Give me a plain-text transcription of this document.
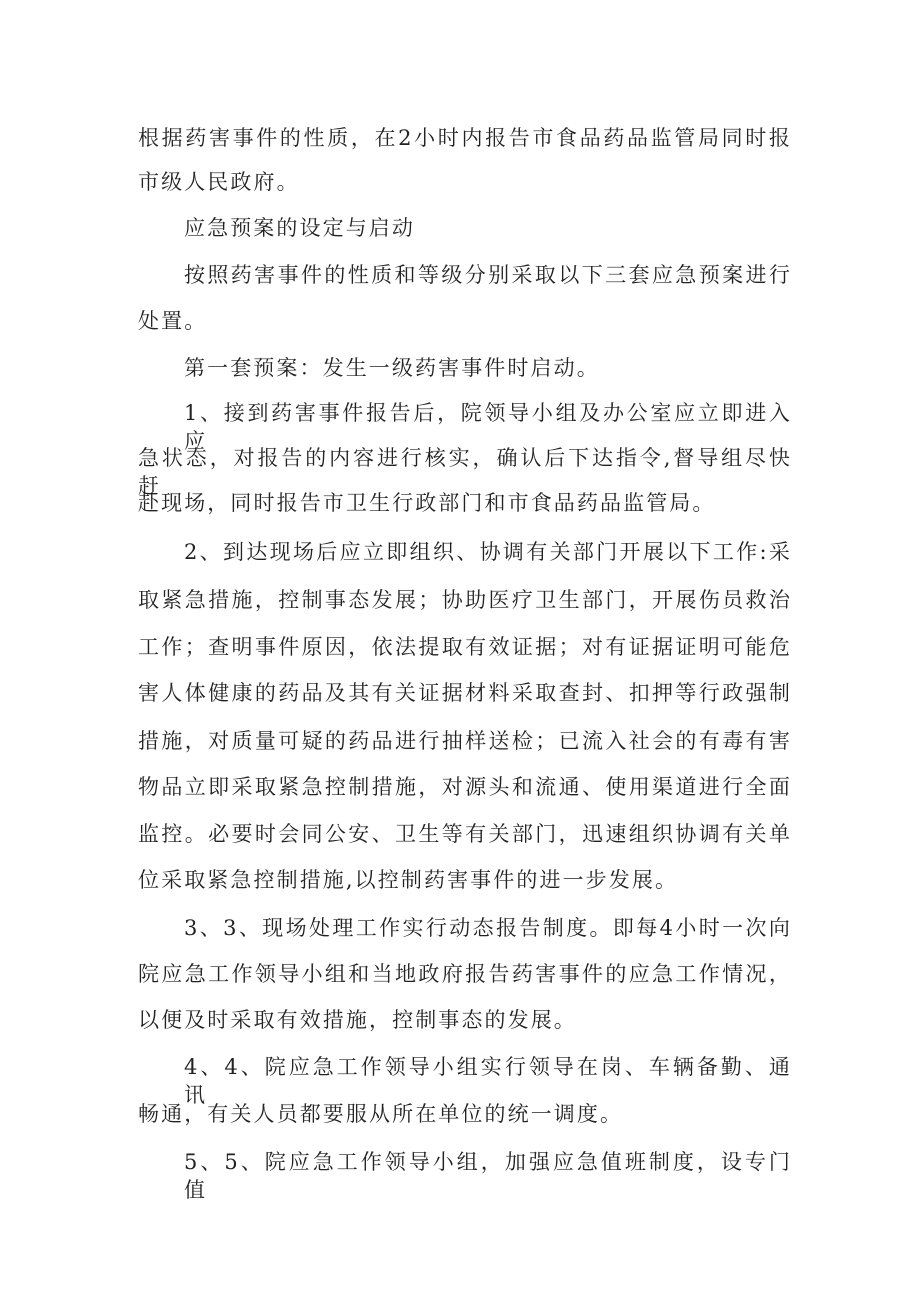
根据药害事件的性质，在2小时内报告市食品药品监管局同时报
市级人民政府。
应急预案的设定与启动
按照药害事件的性质和等级分别采取以下三套应急预案进行
处置。
第一套预案：发生一级药害事件时启动。
1、接到药害事件报告后，院领导小组及办公室应立即进入应
急状态，对报告的内容进行核实，确认后下达指令,督导组尽快赶
赴现场，同时报告市卫生行政部门和市食品药品监管局。
2、到达现场后应立即组织、协调有关部门开展以下工作:采
取紧急措施，控制事态发展；协助医疗卫生部门，开展伤员救治
工作；查明事件原因，依法提取有效证据；对有证据证明可能危
害人体健康的药品及其有关证据材料采取查封、扣押等行政强制
措施，对质量可疑的药品进行抽样送检；已流入社会的有毒有害
物品立即采取紧急控制措施，对源头和流通、使用渠道进行全面
监控。必要时会同公安、卫生等有关部门，迅速组织协调有关单
位采取紧急控制措施,以控制药害事件的进一步发展。
3、3、现场处理工作实行动态报告制度。即每4小时一次向
院应急工作领导小组和当地政府报告药害事件的应急工作情况，
以便及时采取有效措施，控制事态的发展。
4、4、院应急工作领导小组实行领导在岗、车辆备勤、通讯
畅通，有关人员都要服从所在单位的统一调度。
5、5、院应急工作领导小组，加强应急值班制度，设专门值
